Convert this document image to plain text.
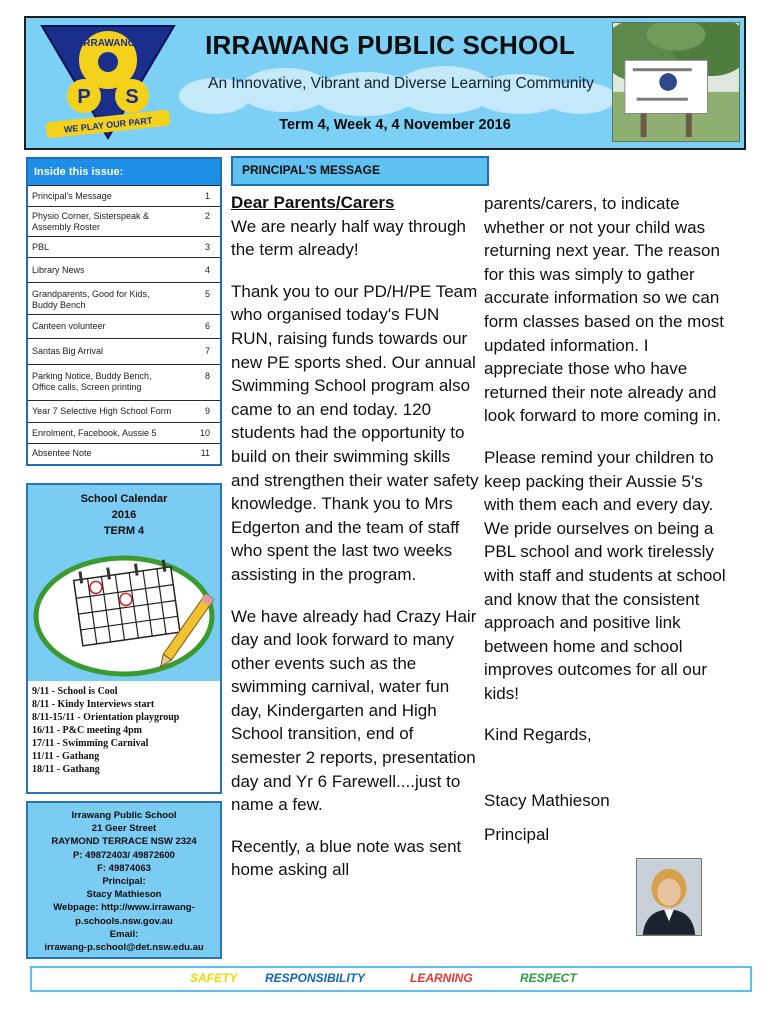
IRRAWANG
P S
WE PLAY OUR PART
IRRAWANG PUBLIC SCHOOL
An Innovative, Vibrant and Diverse Learning Community
Term 4, Week 4, 4 November 2016
Inside this issue:
Principal's Message	1
Physio Corner, Sisterspeak & Assembly Roster
2
PBL	3
Library News	4
Grandparents, Good for Kids, Buddy Bench
5
Canteen volunteer	6
Santas Big Arrival	7
Parking Notice, Buddy Bench, Office calls, Screen printing
8
Year 7 Selective High School Form	9
Enrolment, Facebook, Aussie 5	10
Absentee Note	11
PRINCIPAL'S MESSAGE
Dear Parents/Carers

We are nearly half way through the term already!

Thank you to our PD/H/PE Team who organised today's FUN RUN, raising funds towards our new PE sports shed. Our annual Swimming School program also came to an end today. 120 students had the opportunity to build on their swimming skills and strengthen their water safety knowledge. Thank you to Mrs Edgerton and the team of staff who spent the last two weeks assisting in the program.

We have already had Crazy Hair day and look forward to many other events such as the swimming carnival, water fun day, Kindergarten and High School transition, end of semester 2 reports, presentation day and Yr 6 Farewell....just to name a few.

Recently, a blue note was sent home asking all

parents/carers, to indicate whether or not your child was returning next year. The reason for this was simply to gather accurate information so we can form classes based on the most updated information. I appreciate those who have returned their note already and look forward to more coming in.

Please remind your children to keep packing their Aussie 5's with them each and every day. We pride ourselves on being a PBL school and work tirelessly with staff and students at school and know that the consistent approach and positive link between home and school improves outcomes for all our kids!

Kind Regards,

Stacy Mathieson

Principal

School Calendar
2016
TERM 4
9/11 - School is Cool
8/11 - Kindy Interviews start
8/11-15/11 - Orientation playgroup
16/11 - P&C meeting 4pm
17/11 - Swimming Carnival
11/11 - Gathang
18/11 - Gathang
Irrawang Public School
21 Geer Street
RAYMOND TERRACE NSW 2324
P: 49872403/ 49872600
F: 49874063
Principal:
Stacy Mathieson
Webpage: http://www.irrawang-
p.schools.nsw.gov.au
Email:
irrawang-p.school@det.nsw.edu.au
SAFETY RESPONSIBILITY	LEARNING	RESPECT
